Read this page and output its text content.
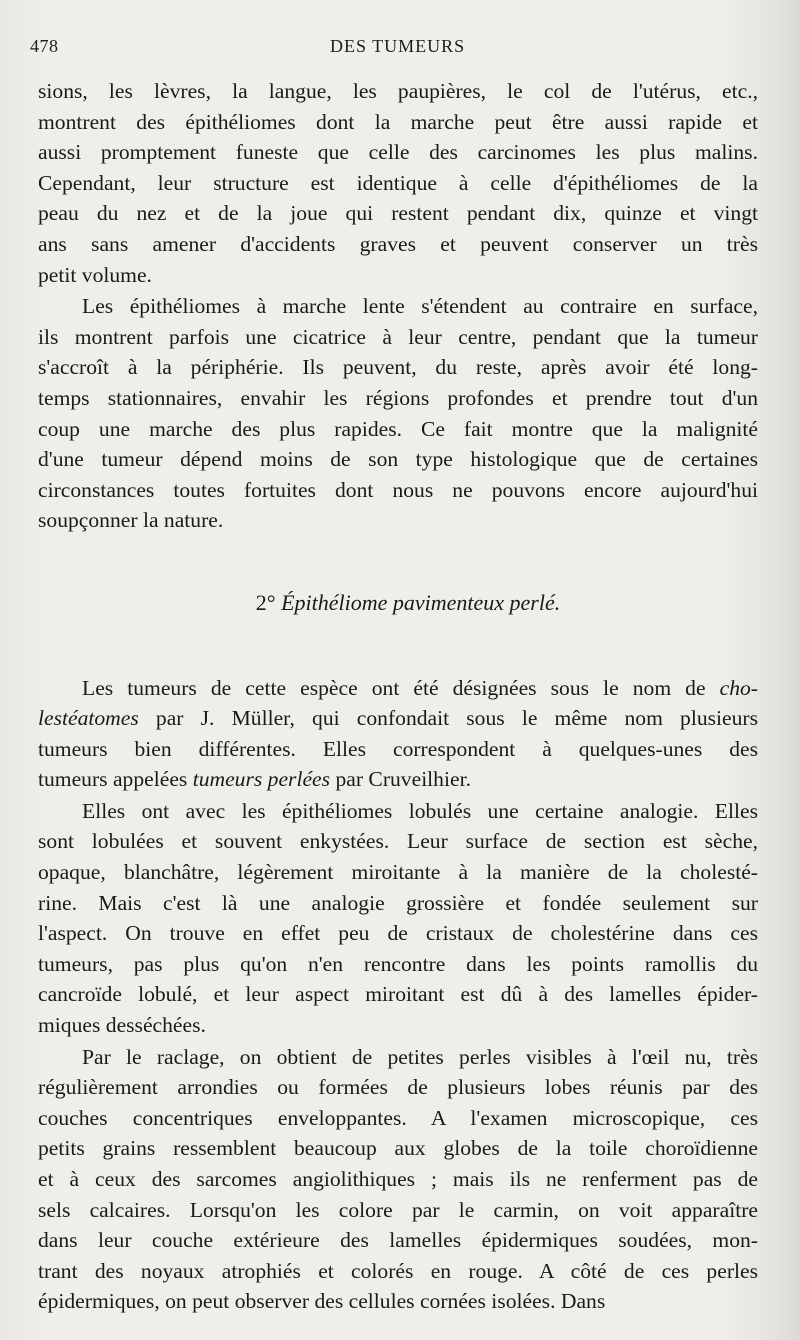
478	DES TUMEURS
sions, les lèvres, la langue, les paupières, le col de l'utérus, etc.,
montrent des épithéliomes dont la marche peut être aussi rapide et
aussi promptement funeste que celle des carcinomes les plus malins.
Cependant, leur structure est identique à celle d'épithéliomes de la
peau du nez et de la joue qui restent pendant dix, quinze et vingt
ans sans amener d'accidents graves et peuvent conserver un très
petit volume.
Les épithéliomes à marche lente s'étendent au contraire en surface,
ils montrent parfois une cicatrice à leur centre, pendant que la tumeur
s'accroît à la périphérie. Ils peuvent, du reste, après avoir été long-
temps stationnaires, envahir les régions profondes et prendre tout d'un
coup une marche des plus rapides. Ce fait montre que la malignité
d'une tumeur dépend moins de son type histologique que de certaines
circonstances toutes fortuites dont nous ne pouvons encore aujourd'hui
soupçonner la nature.
2° Épithéliome pavimenteux perlé.
Les tumeurs de cette espèce ont été désignées sous le nom de cho-
lestéatomes par J. Müller, qui confondait sous le même nom plusieurs
tumeurs bien différentes. Elles correspondent à quelques-unes des
tumeurs appelées tumeurs perlées par Cruveilhier.
Elles ont avec les épithéliomes lobulés une certaine analogie. Elles
sont lobulées et souvent enkystées. Leur surface de section est sèche,
opaque, blanchâtre, légèrement miroitante à la manière de la cholesté-
rine. Mais c'est là une analogie grossière et fondée seulement sur
l'aspect. On trouve en effet peu de cristaux de cholestérine dans ces
tumeurs, pas plus qu'on n'en rencontre dans les points ramollis du
cancroïde lobulé, et leur aspect miroitant est dû à des lamelles épider-
miques desséchées.
Par le raclage, on obtient de petites perles visibles à l'œil nu, très
régulièrement arrondies ou formées de plusieurs lobes réunis par des
couches concentriques enveloppantes. A l'examen microscopique, ces
petits grains ressemblent beaucoup aux globes de la toile choroïdienne
et à ceux des sarcomes angiolithiques ; mais ils ne renferment pas de
sels calcaires. Lorsqu'on les colore par le carmin, on voit apparaître
dans leur couche extérieure des lamelles épidermiques soudées, mon-
trant des noyaux atrophiés et colorés en rouge. A côté de ces perles
épidermiques, on peut observer des cellules cornées isolées. Dans
